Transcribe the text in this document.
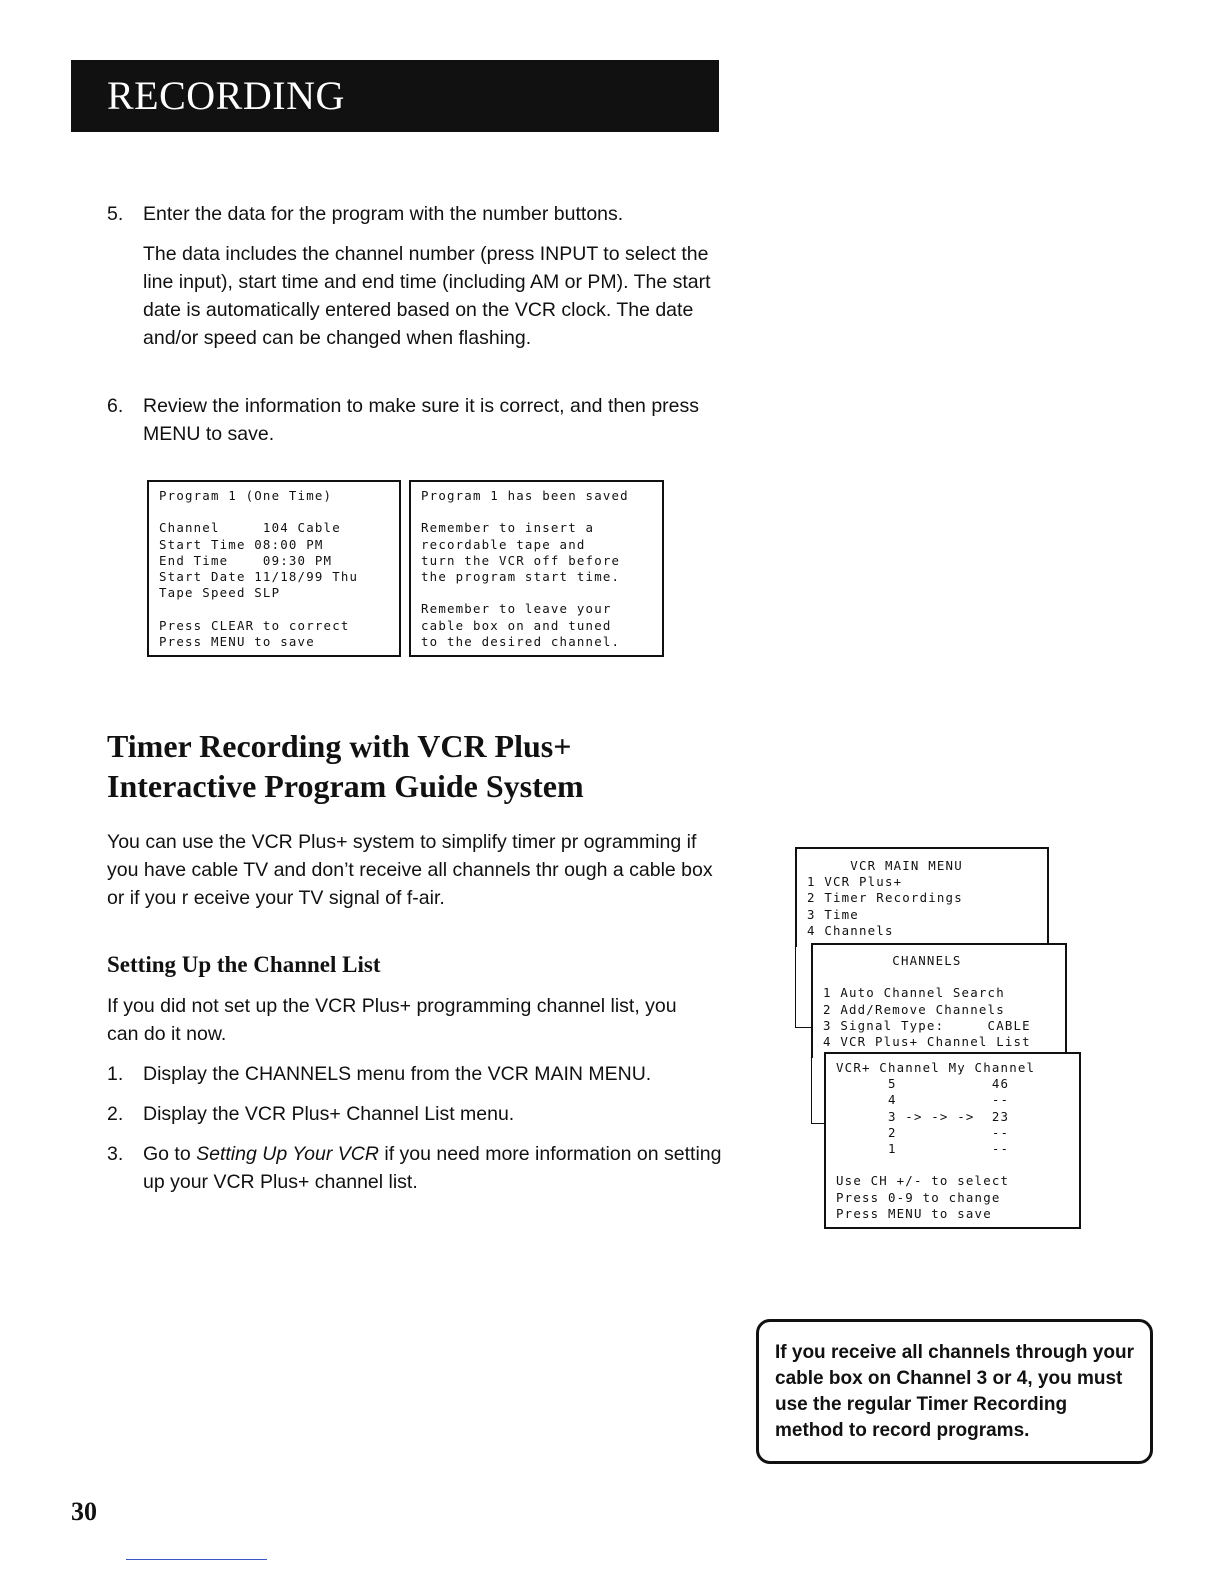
RECORDING
5. Enter the data for the program with the number buttons.
The data includes the channel number (press INPUT to select the line input), start time and end time (including AM or PM). The start date is automatically entered based on the VCR clock. The date and/or speed can be changed when flashing.
6. Review the information to make sure it is correct, and then press MENU to save.
Program 1 (One Time)

Channel     104 Cable
Start Time 08:00 PM
End Time    09:30 PM
Start Date 11/18/99 Thu
Tape Speed SLP

Press CLEAR to correct
Press MENU to save
Program 1 has been saved

Remember to insert a
recordable tape and
turn the VCR off before
the program start time.

Remember to leave your
cable box on and tuned
to the desired channel.
Timer Recording with VCR Plus+
Interactive Program Guide System
You can use the VCR Plus+ system to simplify timer pr ogramming if you have cable TV and don’t receive all channels thr ough a cable box or if you r eceive your TV signal of f-air.
Setting Up the Channel List
If you did not set up the VCR Plus+ programming channel list, you can do it now.
1. Display the CHANNELS menu from the VCR MAIN MENU.
2. Display the VCR Plus+ Channel List menu.
3. Go to Setting Up Your VCR if you need more information on setting up your VCR Plus+ channel list.
VCR MAIN MENU
1 VCR Plus+
2 Timer Recordings
3 Time
4 Channels
CHANNELS

1 Auto Channel Search
2 Add/Remove Channels
3 Signal Type:     CABLE
4 VCR Plus+ Channel List
VCR+ Channel My Channel
5           46
4           --
3 -> -> ->  23
2           --
1           --

Use CH +/- to select
Press 0-9 to change
Press MENU to save
If you receive all channels through your cable box on Channel 3 or 4, you must use the regular Timer Recording method to record programs.
30
